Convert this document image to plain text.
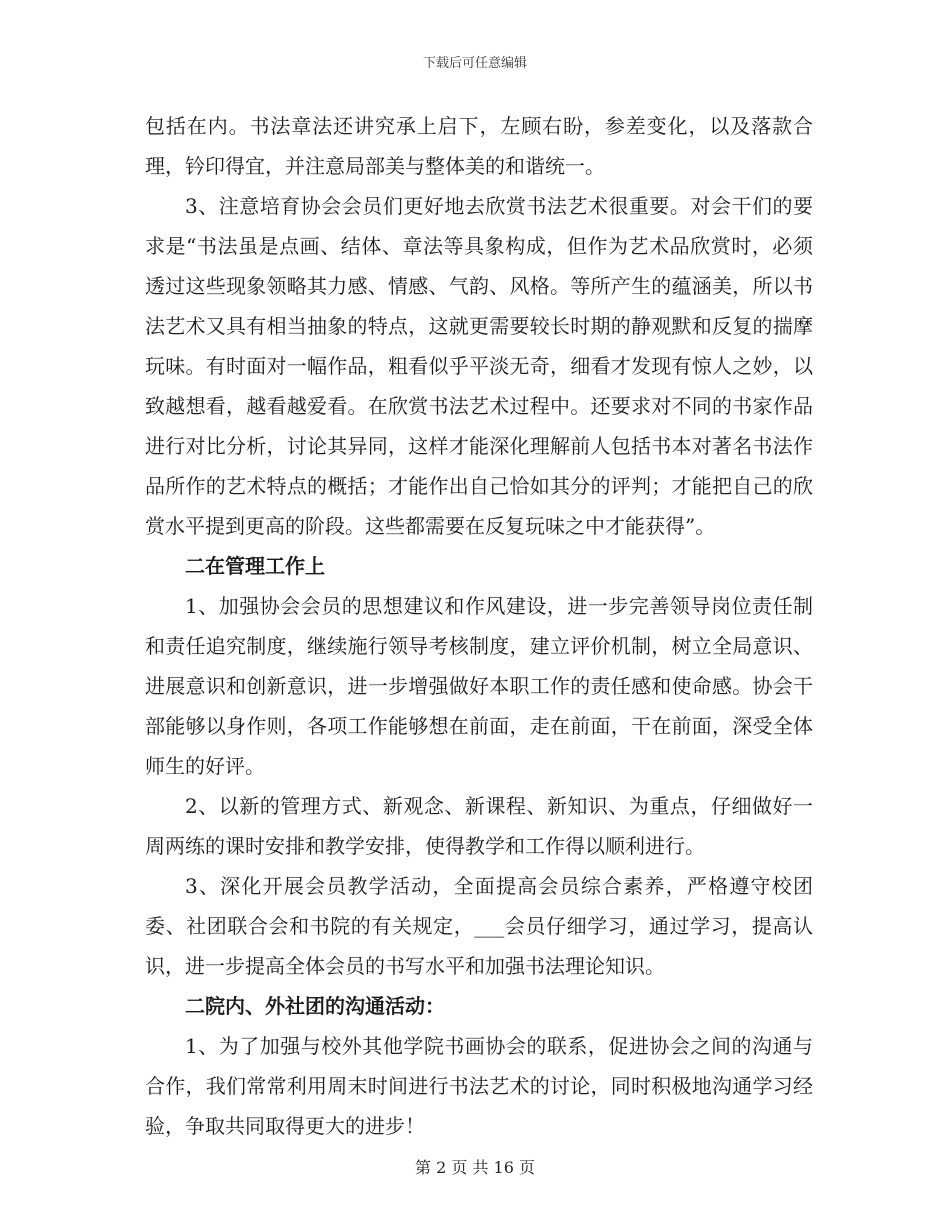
下载后可任意编辑

包括在内。书法章法还讲究承上启下，左顾右盼，参差变化，以及落款合理，钤印得宜，并注意局部美与整体美的和谐统一。

3、注意培育协会会员们更好地去欣赏书法艺术很重要。对会干们的要求是“书法虽是点画、结体、章法等具象构成，但作为艺术品欣赏时，必须透过这些现象领略其力感、情感、气韵、风格。等所产生的蕴涵美，所以书法艺术又具有相当抽象的特点，这就更需要较长时期的静观默和反复的揣摩玩味。有时面对一幅作品，粗看似乎平淡无奇，细看才发现有惊人之妙，以致越想看，越看越爱看。在欣赏书法艺术过程中。还要求对不同的书家作品进行对比分析，讨论其异同，这样才能深化理解前人包括书本对著名书法作品所作的艺术特点的概括；才能作出自己恰如其分的评判；才能把自己的欣赏水平提到更高的阶段。这些都需要在反复玩味之中才能获得”。

二在管理工作上

1、加强协会会员的思想建议和作风建设，进一步完善领导岗位责任制和责任追究制度，继续施行领导考核制度，建立评价机制，树立全局意识、进展意识和创新意识，进一步增强做好本职工作的责任感和使命感。协会干部能够以身作则，各项工作能够想在前面，走在前面，干在前面，深受全体师生的好评。

2、以新的管理方式、新观念、新课程、新知识、为重点，仔细做好一周两练的课时安排和教学安排，使得教学和工作得以顺利进行。

3、深化开展会员教学活动，全面提高会员综合素养，严格遵守校团委、社团联合会和书院的有关规定，___会员仔细学习，通过学习，提高认识，进一步提高全体会员的书写水平和加强书法理论知识。

二院内、外社团的沟通活动：

1、为了加强与校外其他学院书画协会的联系，促进协会之间的沟通与合作，我们常常利用周末时间进行书法艺术的讨论，同时积极地沟通学习经验，争取共同取得更大的进步！

第 2 页 共 16 页
